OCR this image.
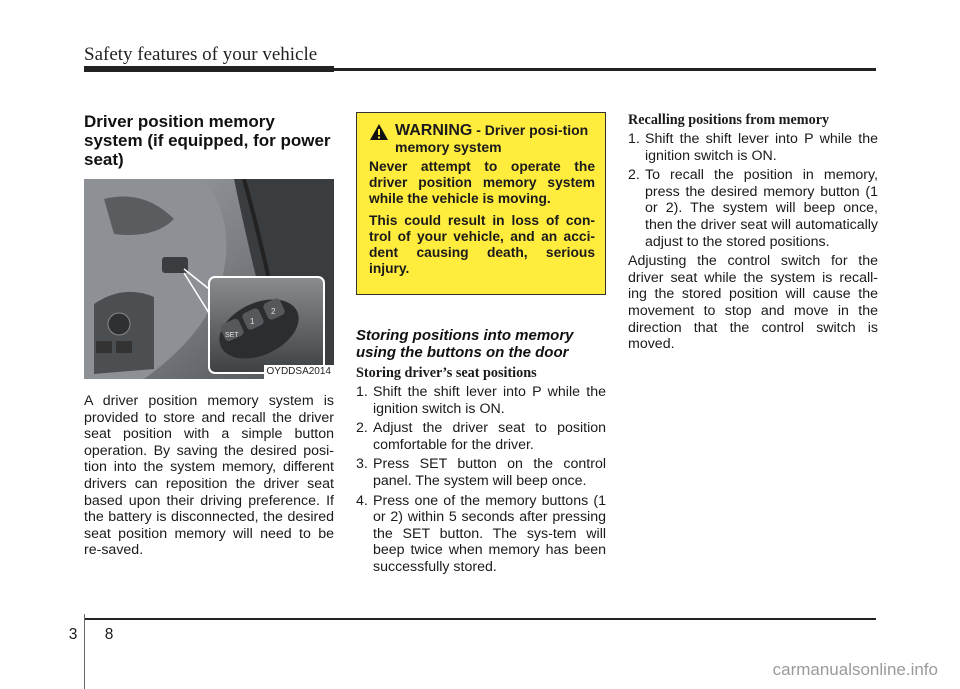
Safety features of your vehicle
Driver position memory system (if equipped, for power seat)
SET
1
2
OYDDSA2014

A driver position memory system is provided to store and recall the driver seat position with a simple button operation. By saving the desired posi-tion into the system memory, different drivers can reposition the driver seat based upon their driving preference. If the battery is disconnected, the desired seat position memory will need to be re-saved.

WARNING - Driver posi-tion memory system

Never attempt to operate the driver position memory system while the vehicle is moving.

This could result in loss of con-trol of your vehicle, and an acci-dent causing death, serious injury.

Storing positions into memory using the buttons on the door
Storing driver’s seat positions
1. Shift the shift lever into P while the ignition switch is ON.
2. Adjust the driver seat to position comfortable for the driver.
3. Press SET button on the control panel. The system will beep once.
4. Press one of the memory buttons (1 or 2) within 5 seconds after pressing the SET button. The sys-tem will beep twice when memory has been successfully stored.
Recalling positions from memory
1. Shift the shift lever into P while the ignition switch is ON.
2. To recall the position in memory, press the desired memory button (1 or 2). The system will beep once, then the driver seat will automatically adjust to the stored positions.

Adjusting the control switch for the driver seat while the system is recall-ing the stored position will cause the movement to stop and move in the direction that the control switch is moved.

3 8
carmanualsonline.info
